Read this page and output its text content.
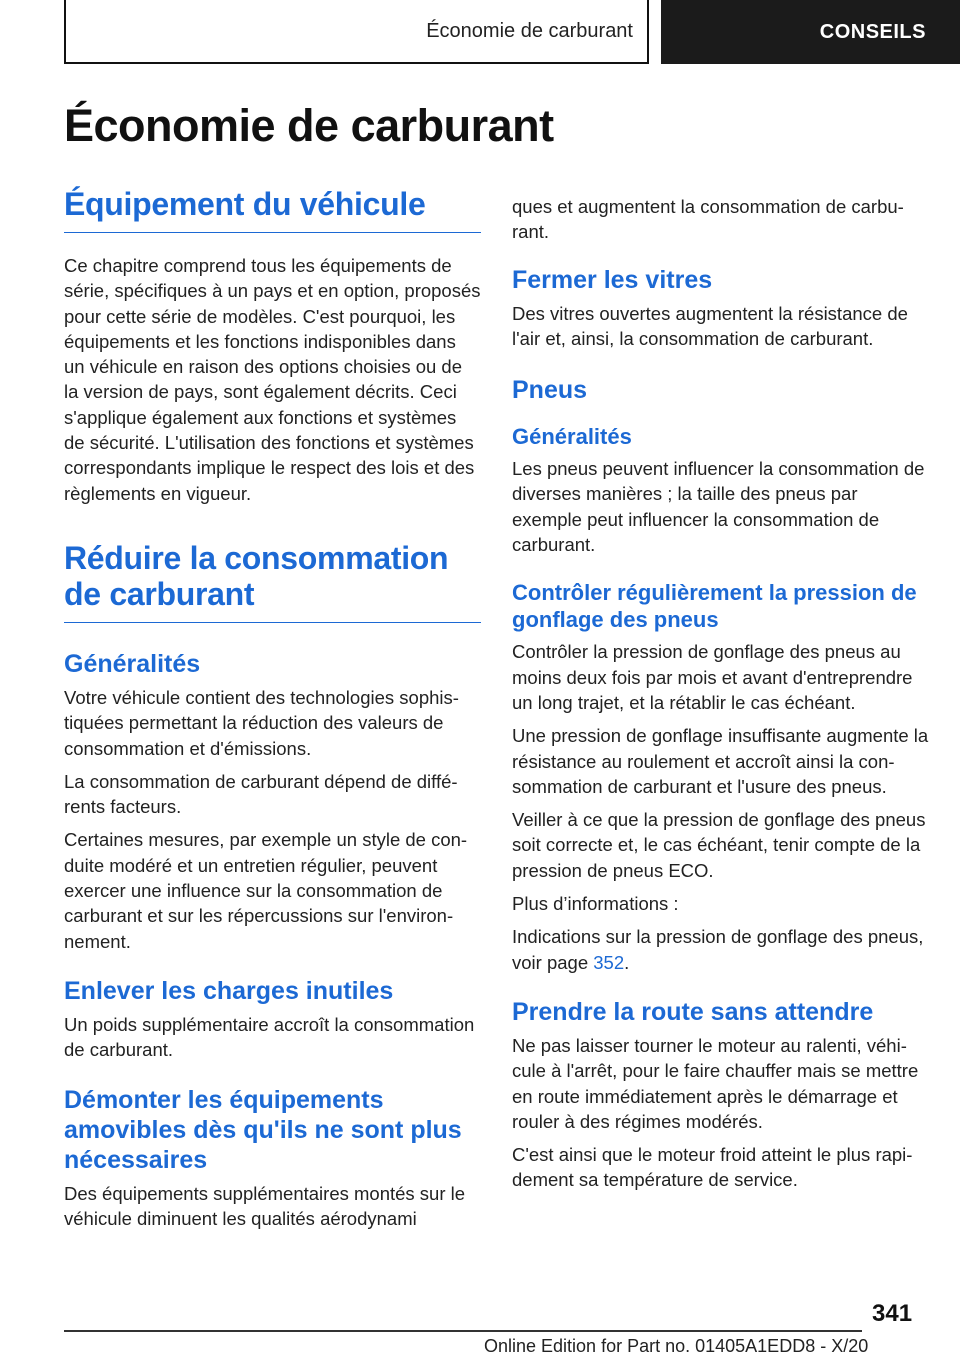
Économie de carburant	CONSEILS
Économie de carburant
Équipement du véhicule

Ce chapitre comprend tous les équipements de série, spécifiques à un pays et en option, proposés pour cette série de modèles. C'est pourquoi, les équipements et les fonctions indisponibles dans un véhicule en raison des options choisies ou de la version de pays, sont également décrits. Ceci s'applique également aux fonctions et systèmes de sécurité. L'utilisation des fonctions et systèmes correspondants implique le respect des lois et des règlements en vigueur.

Réduire la consommation de carburant
Généralités

Votre véhicule contient des technologies sophistiquées permettant la réduction des valeurs de consommation et d'émissions.

La consommation de carburant dépend de différents facteurs.

Certaines mesures, par exemple un style de conduite modéré et un entretien régulier, peuvent exercer une influence sur la consommation de carburant et sur les répercussions sur l'environnement.

Enlever les charges inutiles

Un poids supplémentaire accroît la consommation de carburant.

Démonter les équipements amovibles dès qu'ils ne sont plus nécessaires

Des équipements supplémentaires montés sur le véhicule diminuent les qualités aérodynami

ques et augmentent la consommation de carburant.

Fermer les vitres

Des vitres ouvertes augmentent la résistance de l'air et, ainsi, la consommation de carburant.

Pneus
Généralités

Les pneus peuvent influencer la consommation de diverses manières ; la taille des pneus par exemple peut influencer la consommation de carburant.

Contrôler régulièrement la pression de gonflage des pneus

Contrôler la pression de gonflage des pneus au moins deux fois par mois et avant d'entreprendre un long trajet, et la rétablir le cas échéant.

Une pression de gonflage insuffisante augmente la résistance au roulement et accroît ainsi la consommation de carburant et l'usure des pneus.

Veiller à ce que la pression de gonflage des pneus soit correcte et, le cas échéant, tenir compte de la pression de pneus ECO.

Plus d’informations :

Indications sur la pression de gonflage des pneus, voir page 352.

Prendre la route sans attendre

Ne pas laisser tourner le moteur au ralenti, véhicule à l'arrêt, pour le faire chauffer mais se mettre en route immédiatement après le démarrage et rouler à des régimes modérés.

C'est ainsi que le moteur froid atteint le plus rapidement sa température de service.

341
Online Edition for Part no. 01405A1EDD8 - X/20
